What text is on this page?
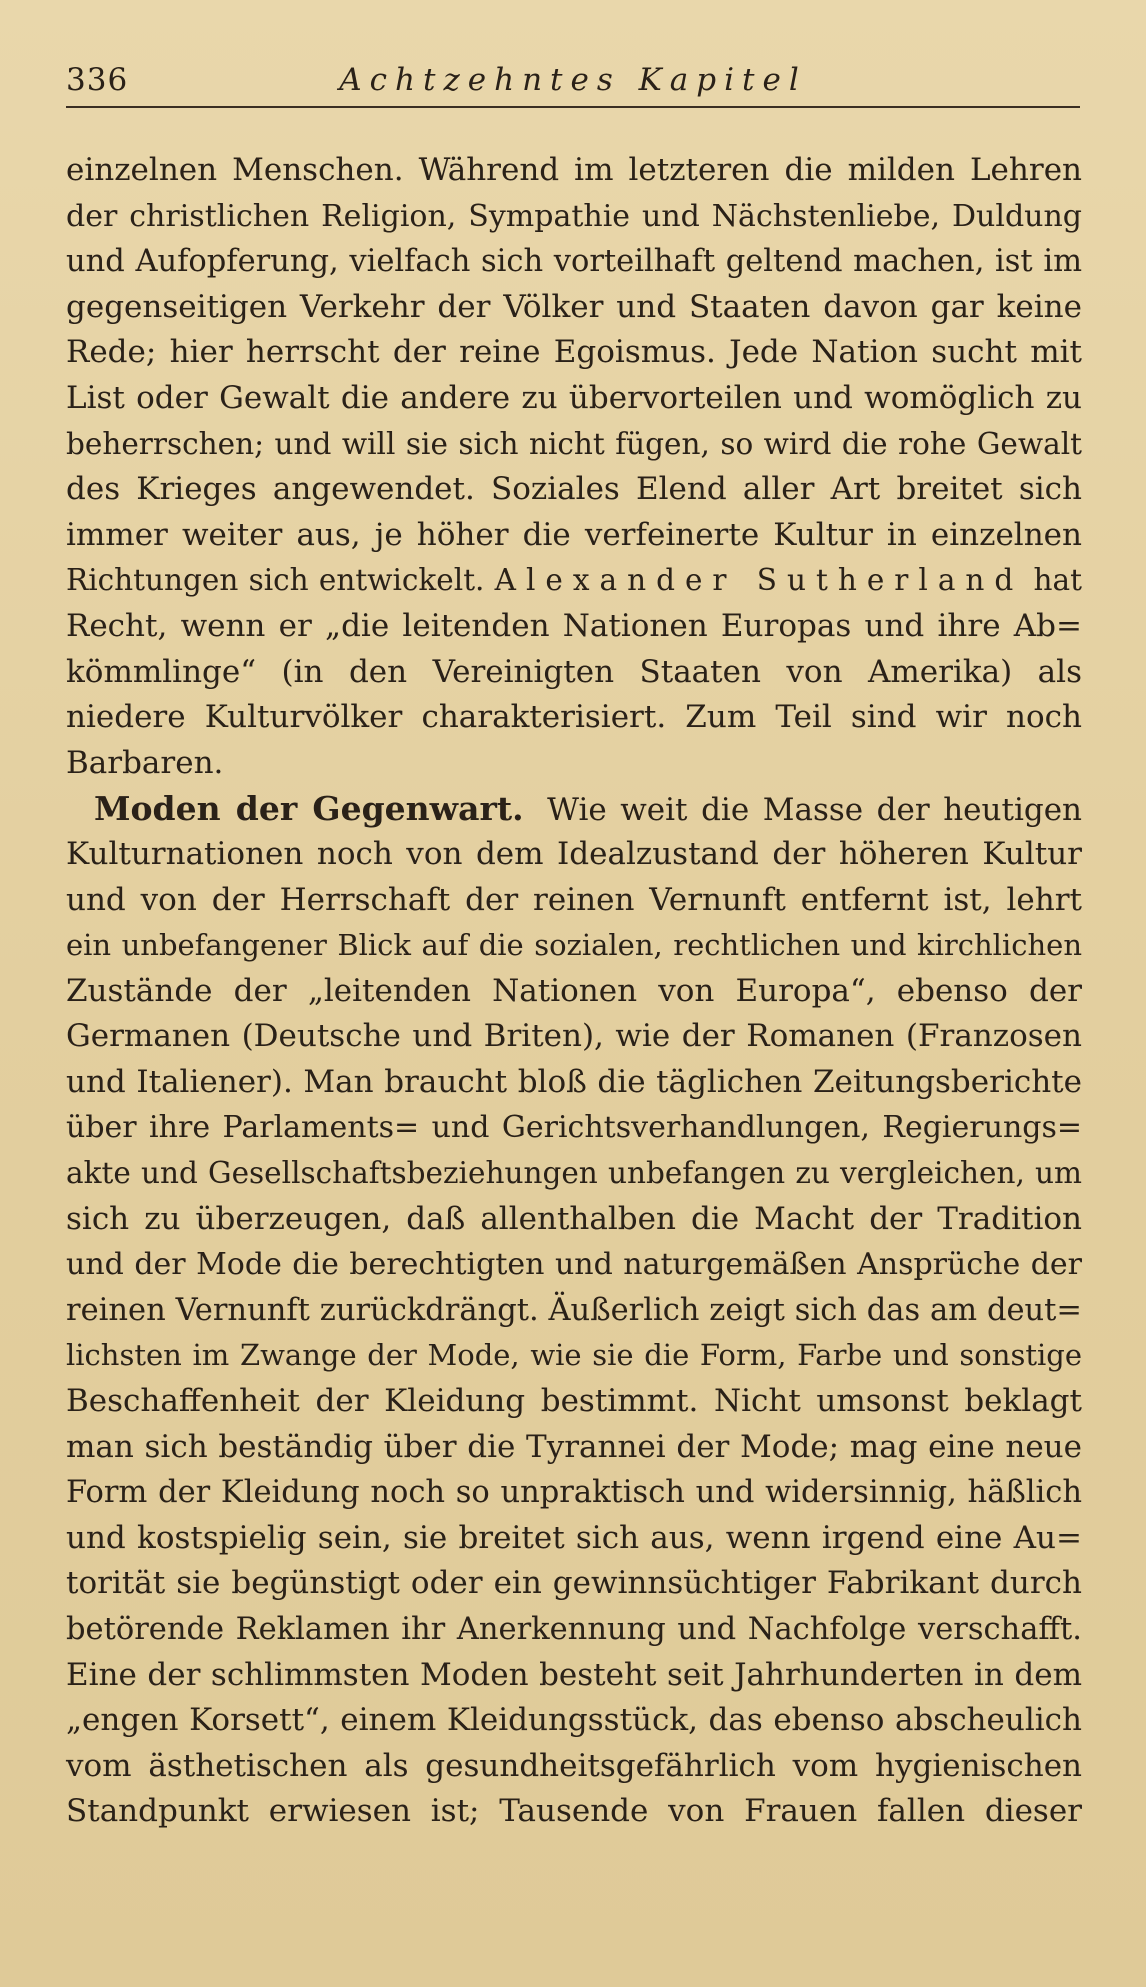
336	Achtzehntes Kapitel
einzelnen Menschen. Während im letzteren die milden Lehren
der christlichen Religion, Sympathie und Nächstenliebe, Duldung
und Aufopferung, vielfach sich vorteilhaft geltend machen, ist im
gegenseitigen Verkehr der Völker und Staaten davon gar keine
Rede; hier herrscht der reine Egoismus. Jede Nation sucht mit
List oder Gewalt die andere zu übervorteilen und womöglich zu
beherrschen; und will sie sich nicht fügen, so wird die rohe Gewalt
des Krieges angewendet. Soziales Elend aller Art breitet sich
immer weiter aus, je höher die verfeinerte Kultur in einzelnen
Richtungen sich entwickelt. Alexander Sutherland hat
Recht, wenn er „die leitenden Nationen Europas und ihre Ab=
kömmlinge“ (in den Vereinigten Staaten von Amerika) als
niedere Kulturvölker charakterisiert. Zum Teil sind wir noch
Barbaren.
Moden der Gegenwart. Wie weit die Masse der heutigen
Kulturnationen noch von dem Idealzustand der höheren Kultur
und von der Herrschaft der reinen Vernunft entfernt ist, lehrt
ein unbefangener Blick auf die sozialen, rechtlichen und kirchlichen
Zustände der „leitenden Nationen von Europa“, ebenso der
Germanen (Deutsche und Briten), wie der Romanen (Franzosen
und Italiener). Man braucht bloß die täglichen Zeitungsberichte
über ihre Parlaments= und Gerichtsverhandlungen, Regierungs=
akte und Gesellschaftsbeziehungen unbefangen zu vergleichen, um
sich zu überzeugen, daß allenthalben die Macht der Tradition
und der Mode die berechtigten und naturgemäßen Ansprüche der
reinen Vernunft zurückdrängt. Äußerlich zeigt sich das am deut=
lichsten im Zwange der Mode, wie sie die Form, Farbe und sonstige
Beschaffenheit der Kleidung bestimmt. Nicht umsonst beklagt
man sich beständig über die Tyrannei der Mode; mag eine neue
Form der Kleidung noch so unpraktisch und widersinnig, häßlich
und kostspielig sein, sie breitet sich aus, wenn irgend eine Au=
torität sie begünstigt oder ein gewinnsüchtiger Fabrikant durch
betörende Reklamen ihr Anerkennung und Nachfolge verschafft.
Eine der schlimmsten Moden besteht seit Jahrhunderten in dem
„engen Korsett“, einem Kleidungsstück, das ebenso abscheulich
vom ästhetischen als gesundheitsgefährlich vom hygienischen
Standpunkt erwiesen ist; Tausende von Frauen fallen dieser
